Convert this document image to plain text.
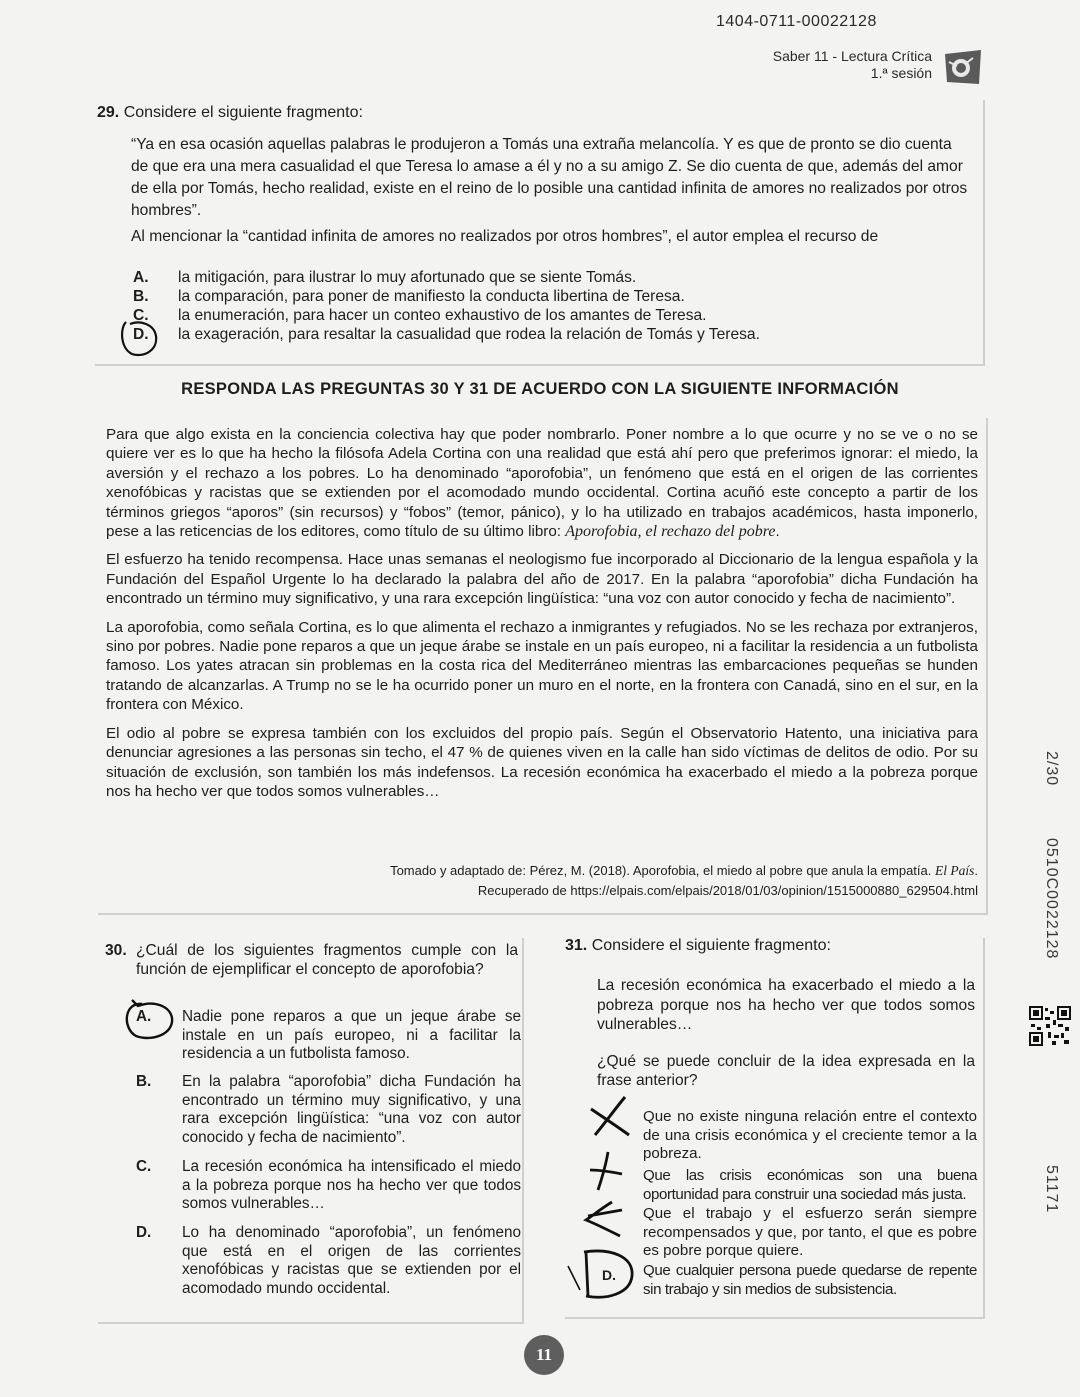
1404-0711-00022128
Saber 11 - Lectura Crítica
1.ª sesión
29. Considere el siguiente fragmento:
“Ya en esa ocasión aquellas palabras le produjeron a Tomás una extraña melancolía. Y es que de pronto se dio cuenta de que era una mera casualidad el que Teresa lo amase a él y no a su amigo Z. Se dio cuenta de que, además del amor de ella por Tomás, hecho realidad, existe en el reino de lo posible una cantidad infinita de amores no realizados por otros hombres”.
Al mencionar la “cantidad infinita de amores no realizados por otros hombres”, el autor emplea el recurso de
A.	la mitigación, para ilustrar lo muy afortunado que se siente Tomás.
B.	la comparación, para poner de manifiesto la conducta libertina de Teresa.
C.	la enumeración, para hacer un conteo exhaustivo de los amantes de Teresa.
D.	la exageración, para resaltar la casualidad que rodea la relación de Tomás y Teresa.
RESPONDA LAS PREGUNTAS 30 Y 31 DE ACUERDO CON LA SIGUIENTE INFORMACIÓN

Para que algo exista en la conciencia colectiva hay que poder nombrarlo. Poner nombre a lo que ocurre y no se ve o no se quiere ver es lo que ha hecho la filósofa Adela Cortina con una realidad que está ahí pero que preferimos ignorar: el miedo, la aversión y el rechazo a los pobres. Lo ha denominado “aporofobia”, un fenómeno que está en el origen de las corrientes xenofóbicas y racistas que se extienden por el acomodado mundo occidental. Cortina acuñó este concepto a partir de los términos griegos “aporos” (sin recursos) y “fobos” (temor, pánico), y lo ha utilizado en trabajos académicos, hasta imponerlo, pese a las reticencias de los editores, como título de su último libro: Aporofobia, el rechazo del pobre.

El esfuerzo ha tenido recompensa. Hace unas semanas el neologismo fue incorporado al Diccionario de la lengua española y la Fundación del Español Urgente lo ha declarado la palabra del año de 2017. En la palabra “aporofobia” dicha Fundación ha encontrado un término muy significativo, y una rara excepción lingüística: “una voz con autor conocido y fecha de nacimiento”.

La aporofobia, como señala Cortina, es lo que alimenta el rechazo a inmigrantes y refugiados. No se les rechaza por extranjeros, sino por pobres. Nadie pone reparos a que un jeque árabe se instale en un país europeo, ni a facilitar la residencia a un futbolista famoso. Los yates atracan sin problemas en la costa rica del Mediterráneo mientras las embarcaciones pequeñas se hunden tratando de alcanzarlas. A Trump no se le ha ocurrido poner un muro en el norte, en la frontera con Canadá, sino en el sur, en la frontera con México.

El odio al pobre se expresa también con los excluidos del propio país. Según el Observatorio Hatento, una iniciativa para denunciar agresiones a las personas sin techo, el 47 % de quienes viven en la calle han sido víctimas de delitos de odio. Por su situación de exclusión, son también los más indefensos. La recesión económica ha exacerbado el miedo a la pobreza porque nos ha hecho ver que todos somos vulnerables…

Tomado y adaptado de: Pérez, M. (2018). Aporofobia, el miedo al pobre que anula la empatía. El País.
Recuperado de https://elpais.com/elpais/2018/01/03/opinion/1515000880_629504.html
30. ¿Cuál de los siguientes fragmentos cumple con la función de ejemplificar el concepto de aporofobia?
A.	Nadie pone reparos a que un jeque árabe se instale en un país europeo, ni a facilitar la residencia a un futbolista famoso.
B.	En la palabra “aporofobia” dicha Fundación ha encontrado un término muy significativo, y una rara excepción lingüística: “una voz con autor conocido y fecha de nacimiento”.
C.	La recesión económica ha intensificado el miedo a la pobreza porque nos ha hecho ver que todos somos vulnerables…
D.	Lo ha denominado “aporofobia”, un fenómeno que está en el origen de las corrientes xenofóbicas y racistas que se extienden por el acomodado mundo occidental.
31. Considere el siguiente fragmento:
La recesión económica ha exacerbado el miedo a la pobreza porque nos ha hecho ver que todos somos vulnerables…
¿Qué se puede concluir de la idea expresada en la frase anterior?
Que no existe ninguna relación entre el contexto de una crisis económica y el creciente temor a la pobreza.
Que las crisis económicas son una buena oportunidad para construir una sociedad más justa.
Que el trabajo y el esfuerzo serán siempre recompensados y que, por tanto, el que es pobre es pobre porque quiere.
Que cualquier persona puede quedarse de repente sin trabajo y sin medios de subsistencia.
D.
2/30
0510C0022128
51171
11
